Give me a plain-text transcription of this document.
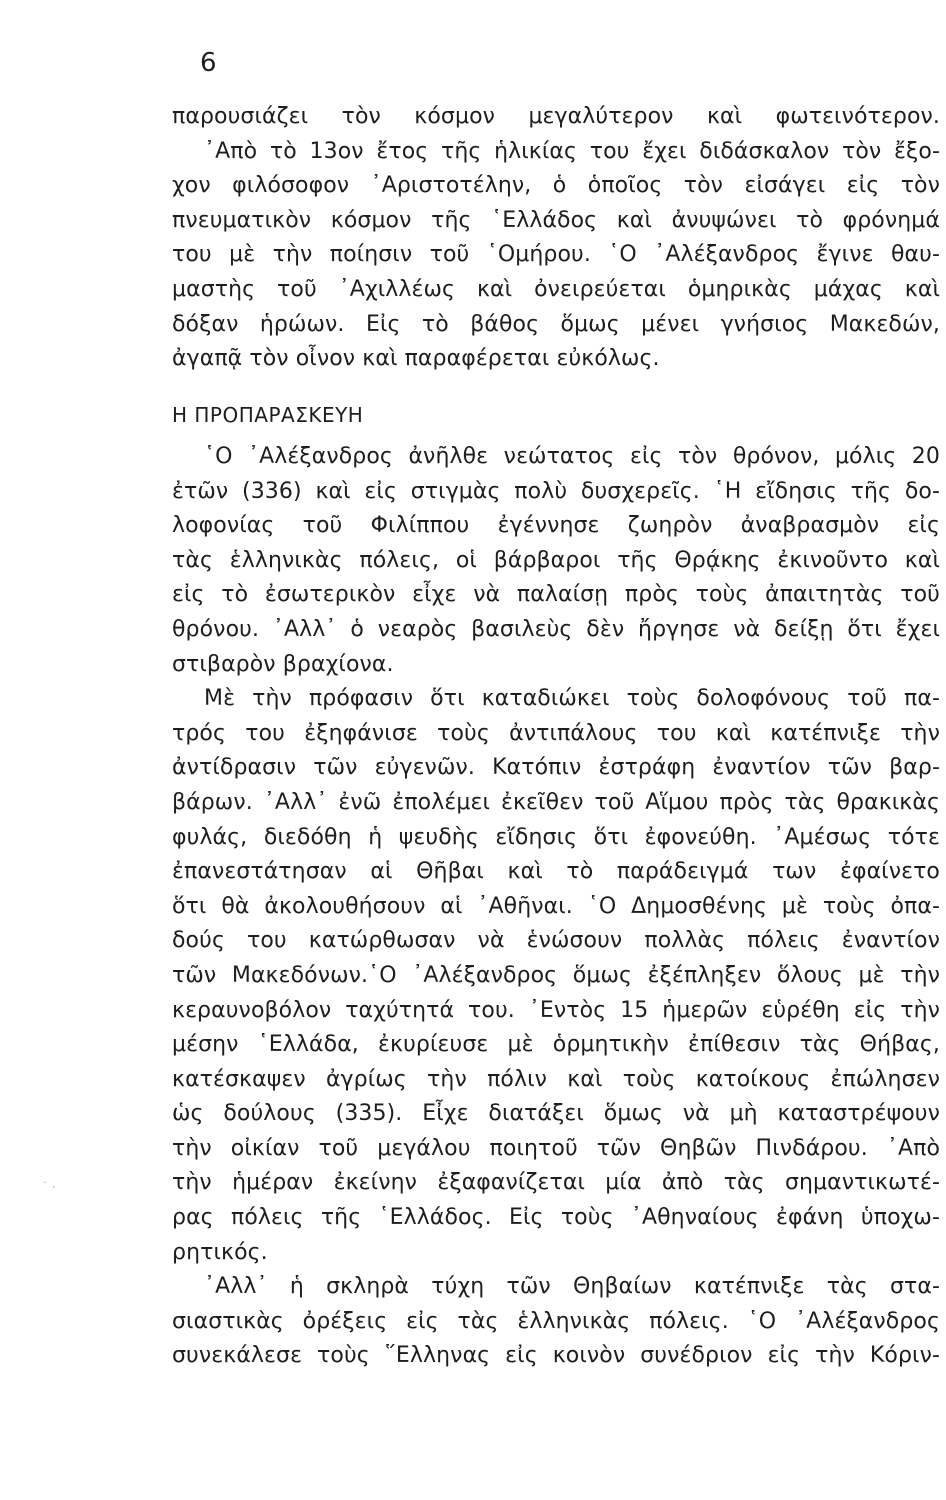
6
παρουσιάζει τὸν κόσμον μεγαλύτερον καὶ φωτεινότερον.
᾿Απὸ τὸ 13ον ἔτος τῆς ἡλικίας του ἔχει διδάσκαλον τὸν ἔξο-
χον φιλόσοφον ᾿Αριστοτέλην, ὁ ὁποῖος τὸν εἰσάγει εἰς τὸν
πνευματικὸν κόσμον τῆς ῾Ελλάδος καὶ ἀνυψώνει τὸ φρόνημά
του μὲ τὴν ποίησιν τοῦ ῾Ομήρου. ῾Ο ᾿Αλέξανδρος ἔγινε θαυ-
μαστὴς τοῦ ᾿Αχιλλέως καὶ ὀνειρεύεται ὁμηρικὰς μάχας καὶ
δόξαν ἡρώων. Εἰς τὸ βάθος ὅμως μένει γνήσιος Μακεδών,
ἀγαπᾷ τὸν οἶνον καὶ παραφέρεται εὐκόλως.
Η ΠΡΟΠΑΡΑΣΚΕΥΗ
῾Ο ᾿Αλέξανδρος ἀνῆλθε νεώτατος εἰς τὸν θρόνον, μόλις 20
ἐτῶν (336) καὶ εἰς στιγμὰς πολὺ δυσχερεῖς. ῾Η εἴδησις τῆς δο-
λοφονίας τοῦ Φιλίππου ἐγέννησε ζωηρὸν ἀναβρασμὸν εἰς
τὰς ἑλληνικὰς πόλεις, οἱ βάρβαροι τῆς Θρᾴκης ἐκινοῦντο καὶ
εἰς τὸ ἐσωτερικὸν εἶχε νὰ παλαίσῃ πρὸς τοὺς ἀπαιτητὰς τοῦ
θρόνου. ᾿Αλλ᾿ ὁ νεαρὸς βασιλεὺς δὲν ἤργησε νὰ δείξῃ ὅτι ἔχει
στιβαρὸν βραχίονα.
Μὲ τὴν πρόφασιν ὅτι καταδιώκει τοὺς δολοφόνους τοῦ πα-
τρός του ἐξηφάνισε τοὺς ἀντιπάλους του καὶ κατέπνιξε τὴν
ἀντίδρασιν τῶν εὐγενῶν. Κατόπιν ἐστράφη ἐναντίον τῶν βαρ-
βάρων. ᾿Αλλ᾿ ἐνῶ ἐπολέμει ἐκεῖθεν τοῦ Αἵμου πρὸς τὰς θρακικὰς
φυλάς, διεδόθη ἡ ψευδὴς εἴδησις ὅτι ἐφονεύθη. ᾿Αμέσως τότε
ἐπανεστάτησαν αἱ Θῆβαι καὶ τὸ παράδειγμά των ἐφαίνετο
ὅτι θὰ ἀκολουθήσουν αἱ ᾿Αθῆναι. ῾Ο Δημοσθένης μὲ τοὺς ὀπα-
δούς του κατώρθωσαν νὰ ἑνώσουν πολλὰς πόλεις ἐναντίον
τῶν Μακεδόνων.῾Ο ᾿Αλέξανδρος ὅμως ἐξέπληξεν ὅλους μὲ τὴν
κεραυνοβόλον ταχύτητά του. ᾿Εντὸς 15 ἡμερῶν εὑρέθη εἰς τὴν
μέσην ῾Ελλάδα, ἐκυρίευσε μὲ ὁρμητικὴν ἐπίθεσιν τὰς Θήβας,
κατέσκαψεν ἀγρίως τὴν πόλιν καὶ τοὺς κατοίκους ἐπώλησεν
ὡς δούλους (335). Εἶχε διατάξει ὅμως νὰ μὴ καταστρέψουν
τὴν οἰκίαν τοῦ μεγάλου ποιητοῦ τῶν Θηβῶν Πινδάρου. ᾿Απὸ
τὴν ἡμέραν ἐκείνην ἐξαφανίζεται μία ἀπὸ τὰς σημαντικωτέ-
ρας πόλεις τῆς ῾Ελλάδος. Εἰς τοὺς ᾿Αθηναίους ἐφάνη ὑποχω-
ρητικός.
᾿Αλλ᾿ ἡ σκληρὰ τύχη τῶν Θηβαίων κατέπνιξε τὰς στα-
σιαστικὰς ὀρέξεις εἰς τὰς ἑλληνικὰς πόλεις. ῾Ο ᾿Αλέξανδρος
συνεκάλεσε τοὺς ῞Ελληνας εἰς κοινὸν συνέδριον εἰς τὴν Κόριν-
˙ ·
